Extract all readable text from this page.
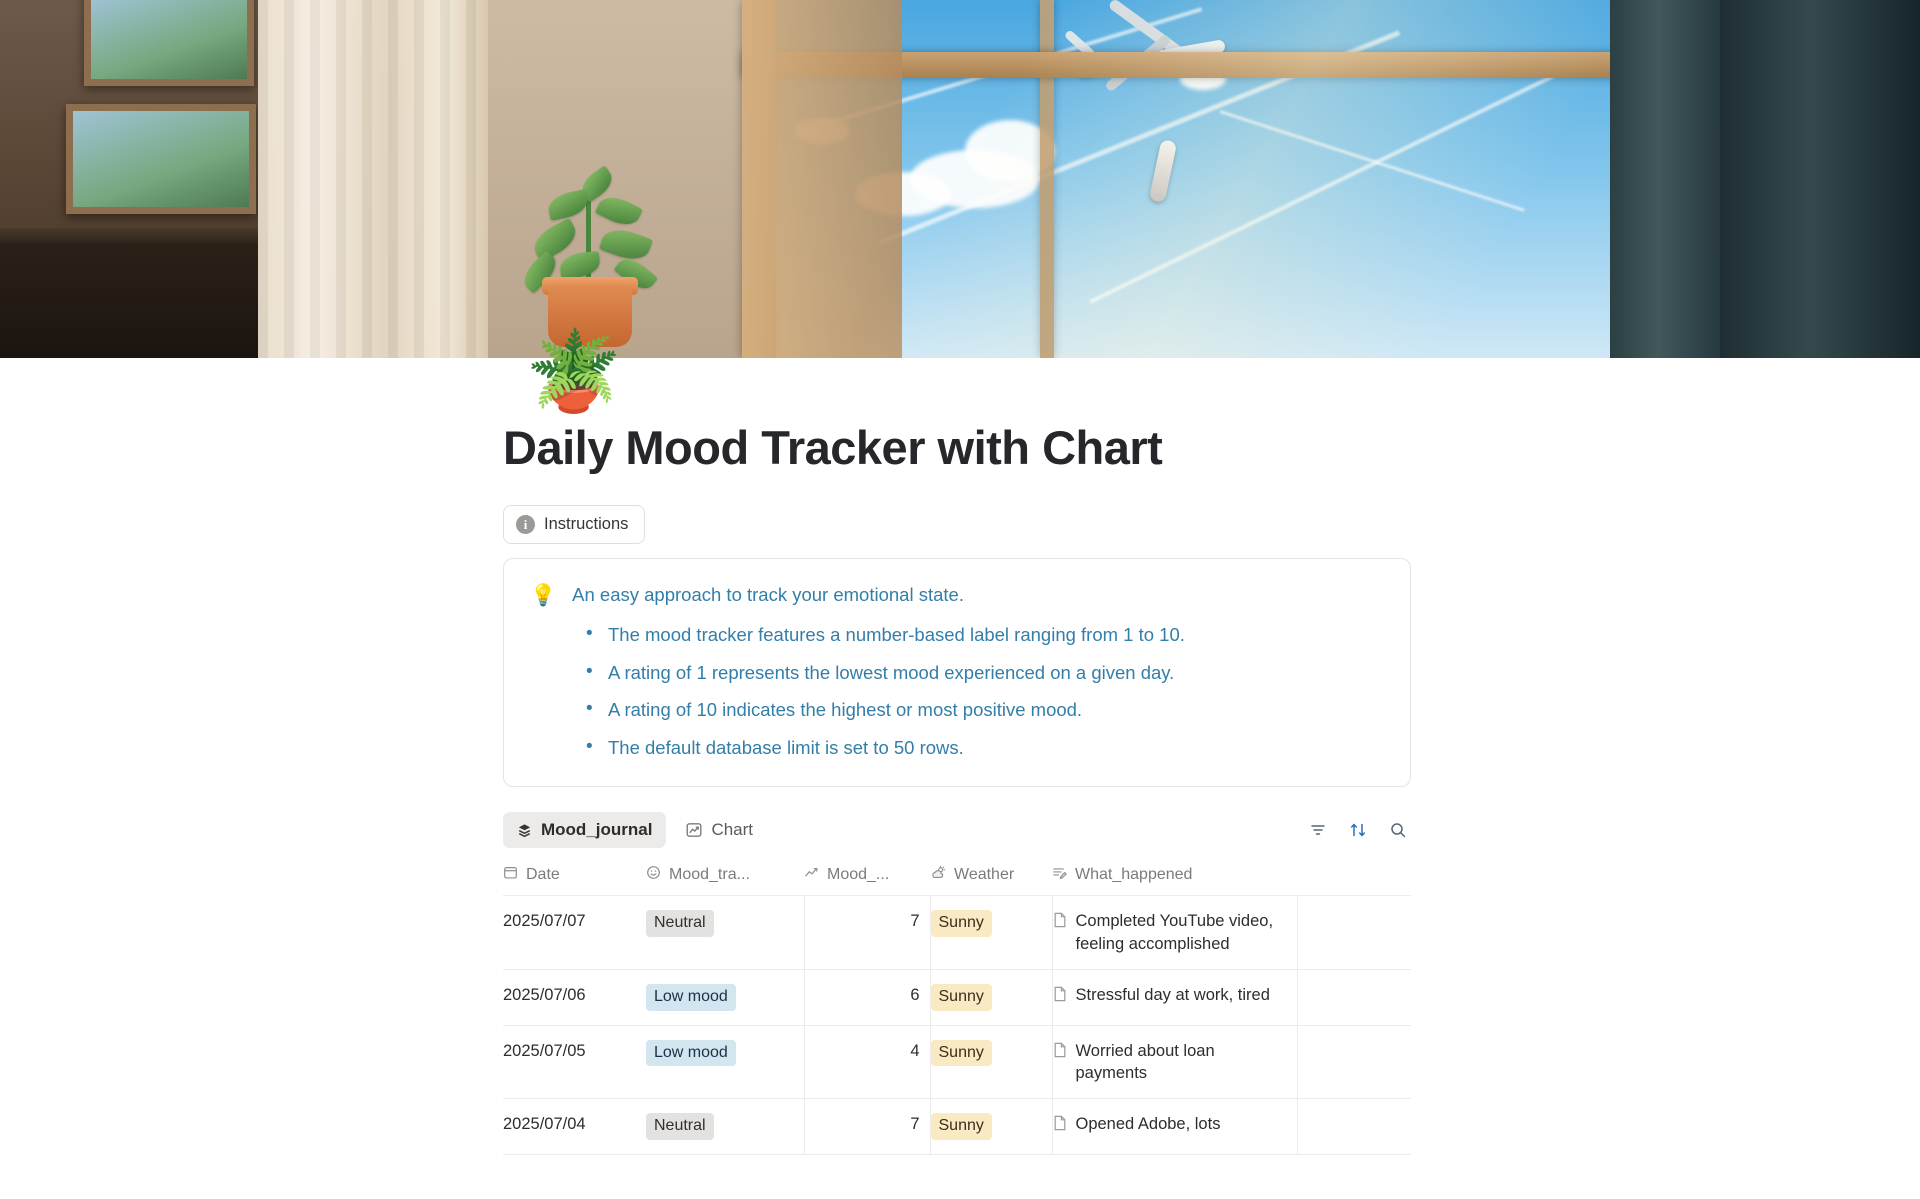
🪴
Daily Mood Tracker with Chart
i	Instructions
💡 An easy approach to track your emotional state.
• The mood tracker features a number-based label ranging from 1 to 10.
• A rating of 1 represents the lowest mood experienced on a given day.
• A rating of 10 indicates the highest or most positive mood.
• The default database limit is set to 50 rows.
Mood_journal	Chart
Date	Mood_tra...	Mood_...	Weather	What_happened	

2025/07/07	Neutral	7	Sunny	Completed YouTube video, feeling accomplished	

2025/07/06	Low mood	6	Sunny	Stressful day at work, tired	

2025/07/05	Low mood	4	Sunny	Worried about loan payments	

2025/07/04	Neutral	7	Sunny	Opened Adobe, lots	
